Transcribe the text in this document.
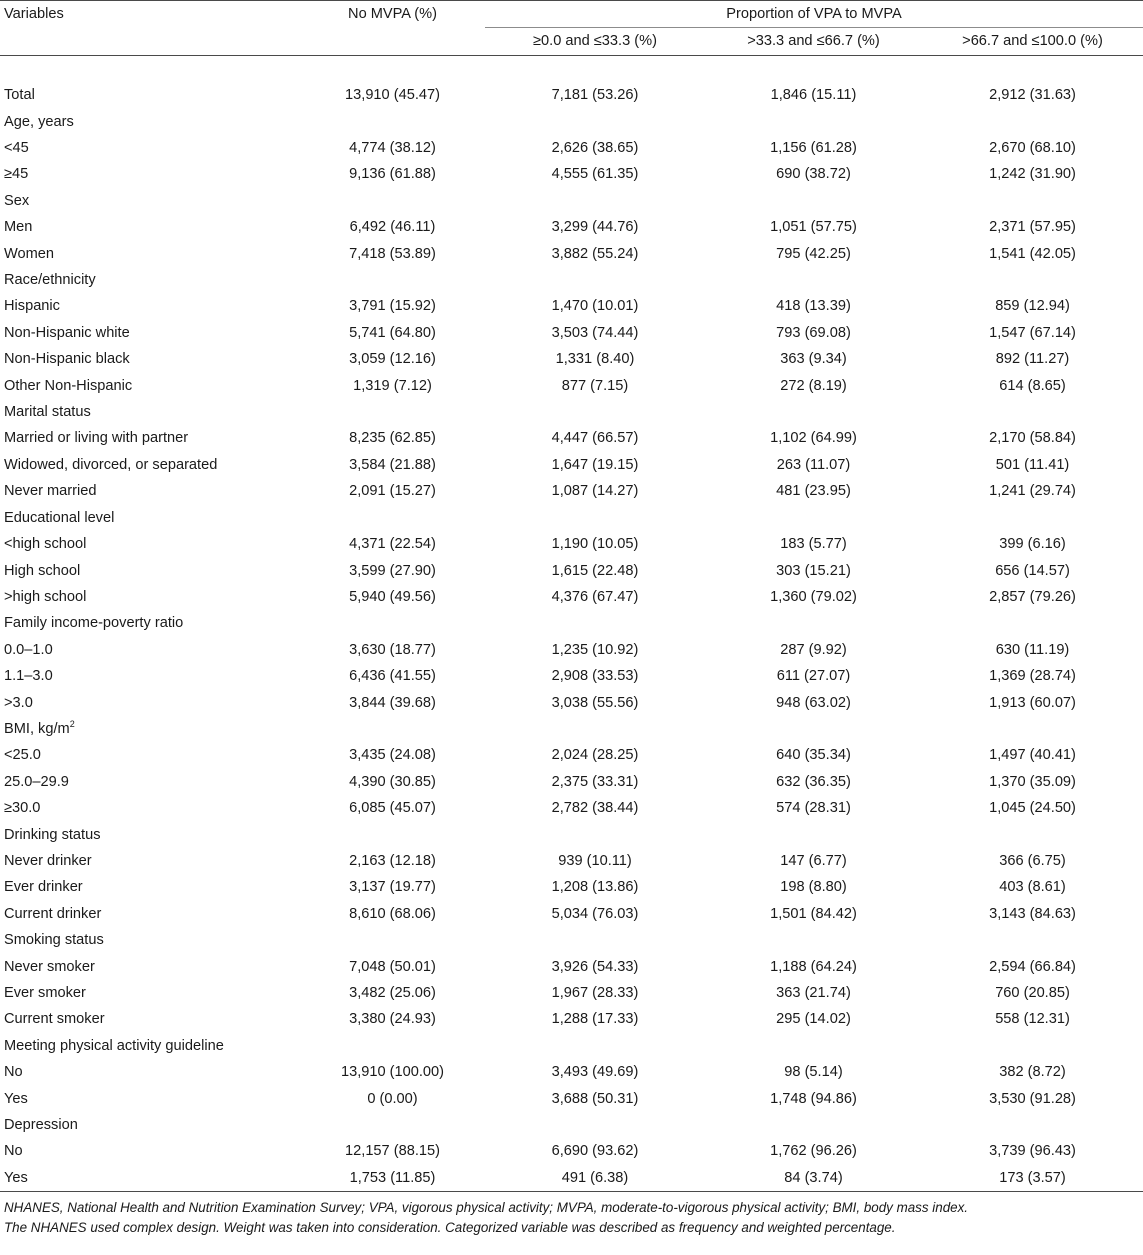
Variables	No MVPA (%)	Proportion of VPA to MVPA		
		≥0.0 and ≤33.3 (%)	>33.3 and ≤66.7 (%)	>66.7 and ≤100.0 (%)

Total	13,910 (45.47)	7,181 (53.26)	1,846 (15.11)	2,912 (31.63)
Age, years				
<45	4,774 (38.12)	2,626 (38.65)	1,156 (61.28)	2,670 (68.10)
≥45	9,136 (61.88)	4,555 (61.35)	690 (38.72)	1,242 (31.90)
Sex				
Men	6,492 (46.11)	3,299 (44.76)	1,051 (57.75)	2,371 (57.95)
Women	7,418 (53.89)	3,882 (55.24)	795 (42.25)	1,541 (42.05)
Race/ethnicity				
Hispanic	3,791 (15.92)	1,470 (10.01)	418 (13.39)	859 (12.94)
Non-Hispanic white	5,741 (64.80)	3,503 (74.44)	793 (69.08)	1,547 (67.14)
Non-Hispanic black	3,059 (12.16)	1,331 (8.40)	363 (9.34)	892 (11.27)
Other Non-Hispanic	1,319 (7.12)	877 (7.15)	272 (8.19)	614 (8.65)
Marital status				
Married or living with partner	8,235 (62.85)	4,447 (66.57)	1,102 (64.99)	2,170 (58.84)
Widowed, divorced, or separated	3,584 (21.88)	1,647 (19.15)	263 (11.07)	501 (11.41)
Never married	2,091 (15.27)	1,087 (14.27)	481 (23.95)	1,241 (29.74)
Educational level				
<high school	4,371 (22.54)	1,190 (10.05)	183 (5.77)	399 (6.16)
High school	3,599 (27.90)	1,615 (22.48)	303 (15.21)	656 (14.57)
>high school	5,940 (49.56)	4,376 (67.47)	1,360 (79.02)	2,857 (79.26)
Family income-poverty ratio				
0.0–1.0	3,630 (18.77)	1,235 (10.92)	287 (9.92)	630 (11.19)
1.1–3.0	6,436 (41.55)	2,908 (33.53)	611 (27.07)	1,369 (28.74)
>3.0	3,844 (39.68)	3,038 (55.56)	948 (63.02)	1,913 (60.07)
BMI, $kg/m^2$
<25.0	3,435 (24.08)	2,024 (28.25)	640 (35.34)	1,497 (40.41)
25.0–29.9	4,390 (30.85)	2,375 (33.31)	632 (36.35)	1,370 (35.09)
≥30.0	6,085 (45.07)	2,782 (38.44)	574 (28.31)	1,045 (24.50)
Drinking status				
Never drinker	2,163 (12.18)	939 (10.11)	147 (6.77)	366 (6.75)
Ever drinker	3,137 (19.77)	1,208 (13.86)	198 (8.80)	403 (8.61)
Current drinker	8,610 (68.06)	5,034 (76.03)	1,501 (84.42)	3,143 (84.63)
Smoking status				
Never smoker	7,048 (50.01)	3,926 (54.33)	1,188 (64.24)	2,594 (66.84)
Ever smoker	3,482 (25.06)	1,967 (28.33)	363 (21.74)	760 (20.85)
Current smoker	3,380 (24.93)	1,288 (17.33)	295 (14.02)	558 (12.31)
Meeting physical activity guideline				
No	13,910 (100.00)	3,493 (49.69)	98 (5.14)	382 (8.72)
Yes	0 (0.00)	3,688 (50.31)	1,748 (94.86)	3,530 (91.28)
Depression				
No	12,157 (88.15)	6,690 (93.62)	1,762 (96.26)	3,739 (96.43)
Yes	1,753 (11.85)	491 (6.38)	84 (3.74)	173 (3.57)
NHANES, National Health and Nutrition Examination Survey; VPA, vigorous physical activity; MVPA, moderate-to-vigorous physical activity; BMI, body mass index.
The NHANES used complex design. Weight was taken into consideration. Categorized variable was described as frequency and weighted percentage.
